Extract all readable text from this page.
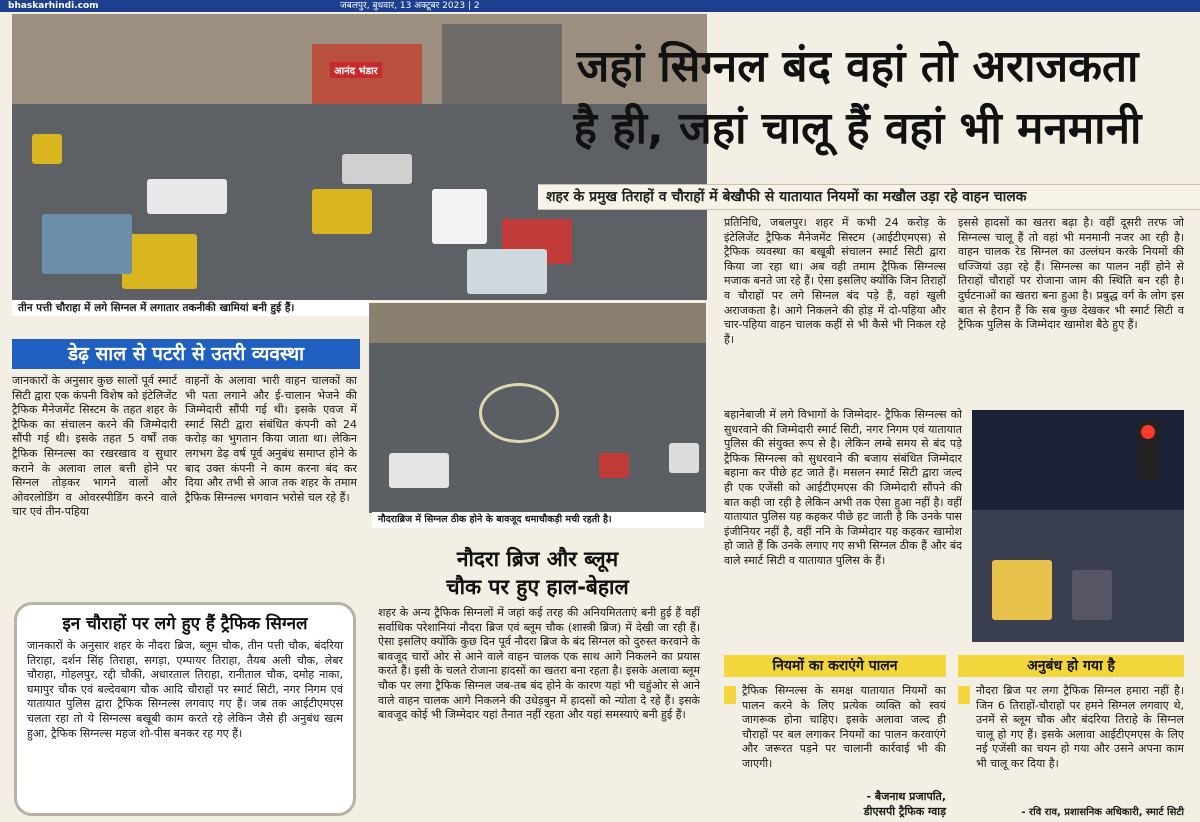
bhaskarhindi.com	जबलपुर, बुधवार, 13 अक्टूबर 2023 | 2
आनंद भंडार
तीन पत्ती चौराहा में लगे सिग्नल में लगातार तकनीकी खामियां बनी हुई हैं।
जहां सिग्नल बंद वहां तो अराजकता
है ही, जहां चालू हैं वहां भी मनमानी
शहर के प्रमुख तिराहों व चौराहों में बेखौफी से यातायात नियमों का मखौल उड़ा रहे वाहन चालक
प्रतिनिधि, जबलपुर। शहर में कभी 24 करोड़ के इंटेलिजेंट ट्रैफिक मैनेजमेंट सिस्टम (आईटीएमएस) से ट्रैफिक व्यवस्था का बखूबी संचालन स्मार्ट सिटी द्वारा किया जा रहा था। अब वही तमाम ट्रैफिक सिग्नल्स मजाक बनते जा रहे हैं। ऐसा इसलिए क्योंकि जिन तिराहों व चौराहों पर लगे सिग्नल बंद पड़े हैं, वहां खुली अराजकता है। आगे निकलने की होड़ में दो-पहिया और चार-पहिया वाहन चालक कहीं से भी कैसे भी निकल रहे हैं।
इससे हादसों का खतरा बढ़ा है। वहीं दूसरी तरफ जो सिग्नल्स चालू हैं तो वहां भी मनमानी नजर आ रही है। वाहन चालक रेड सिग्नल का उल्लंघन करके नियमों की धज्जियां उड़ा रहे हैं। सिग्नल्स का पालन नहीं होने से तिराहों चौराहों पर रोजाना जाम की स्थिति बन रही है। दुर्घटनाओं का खतरा बना हुआ है। प्रबुद्ध वर्ग के लोग इस बात से हैरान हैं कि सब कुछ देखकर भी स्मार्ट सिटी व ट्रैफिक पुलिस के जिम्मेदार खामोश बैठे हुए हैं।
डेढ़ साल से पटरी से उतरी व्यवस्था
जानकारों के अनुसार कुछ सालों पूर्व स्मार्ट सिटी द्वारा एक कंपनी विशेष को इंटेलिजेंट ट्रैफिक मैनेजमेंट सिस्टम के तहत शहर के ट्रैफिक का संचालन करने की जिम्मेदारी सौंपी गई थी। इसके तहत 5 वर्षों तक ट्रैफिक सिग्नल्स का रखरखाव व सुधार कराने के अलावा लाल बत्ती होने पर सिग्नल तोड़कर भागने वालों और ओवरलोडिंग व ओवरस्पीडिंग करने वाले चार एवं तीन-पहिया
वाहनों के अलावा भारी वाहन चालकों का भी पता लगाने और ई-चालान भेजने की जिम्मेदारी सौंपी गई थी। इसके एवज में स्मार्ट सिटी द्वारा संबंधित कंपनी को 24 करोड़ का भुगतान किया जाता था। लेकिन लगभग डेढ़ वर्ष पूर्व अनुबंध समाप्त होने के बाद उक्त कंपनी ने काम करना बंद कर दिया और तभी से आज तक शहर के तमाम ट्रैफिक सिग्नल्स भगवान भरोसे चल रहे हैं।
नौदराब्रिज में सिग्नल ठीक होने के बावजूद धमाचौकड़ी मची रहती है।
नौदरा ब्रिज और ब्लूम
चौक पर हुए हाल-बेहाल
शहर के अन्य ट्रैफिक सिग्नलों में जहां कई तरह की अनियमितताएं बनी हुई हैं वहीं सर्वाधिक परेशानियां नौदरा ब्रिज एवं ब्लूम चौक (शास्त्री ब्रिज) में देखी जा रही हैं। ऐसा इसलिए क्योंकि कुछ दिन पूर्व नौदरा ब्रिज के बंद सिग्नल को दुरुस्त करवाने के बावजूद चारों ओर से आने वाले वाहन चालक एक साथ आगे निकलने का प्रयास करते हैं। इसी के चलते रोजाना हादसों का खतरा बना रहता है। इसके अलावा ब्लूम चौक पर लगा ट्रैफिक सिग्नल जब-तब बंद होने के कारण यहां भी चहुंओर से आने वाले वाहन चालक आगे निकलने की उधेड़बुन में हादसों को न्योता दे रहे हैं। इसके बावजूद कोई भी जिम्मेदार यहां तैनात नहीं रहता और यहां समस्याएं बनी हुई हैं।
इन चौराहों पर लगे हुए हैं ट्रैफिक सिग्नल
जानकारों के अनुसार शहर के नौदरा ब्रिज, ब्लूम चौक, तीन पत्ती चौक, बंदरिया तिराहा, दर्शन सिंह तिराहा, सगड़ा, एम्पायर तिराहा, तैयब अली चौक, लेबर चौराहा, गोहलपुर, रद्दी चौकी, अधारताल तिराहा, रानीताल चौक, दमोह नाका, घमापुर चौक एवं बल्देवबाग चौक आदि चौराहों पर स्मार्ट सिटी, नगर निगम एवं यातायात पुलिस द्वारा ट्रैफिक सिग्नल्स लगवाए गए हैं। जब तक आईटीएमएस चलता रहा तो ये सिग्नल्स बखूबी काम करते रहे लेकिन जैसे ही अनुबंध खत्म हुआ, ट्रैफिक सिग्नल्स महज शो-पीस बनकर रह गए हैं।
बहानेबाजी में लगे विभागों के जिम्मेदार- ट्रैफिक सिग्नल्स को सुधरवाने की जिम्मेदारी स्मार्ट सिटी, नगर निगम एवं यातायात पुलिस की संयुक्त रूप से है। लेकिन लम्बे समय से बंद पड़े ट्रैफिक सिग्नल्स को सुधरवाने की बजाय संबंधित जिम्मेदार बहाना कर पीछे हट जाते हैं। मसलन स्मार्ट सिटी द्वारा जल्द ही एक एजेंसी को आईटीएमएस की जिम्मेदारी सौंपने की बात कही जा रही है लेकिन अभी तक ऐसा हुआ नहीं है। वहीं यातायात पुलिस यह कहकर पीछे हट जाती है कि उनके पास इंजीनियर नहीं है, वहीं ननि के जिम्मेदार यह कहकर खामोश हो जाते हैं कि उनके लगाए गए सभी सिग्नल ठीक हैं और बंद वाले स्मार्ट सिटी व यातायात पुलिस के हैं।
नियमों का कराएंगे पालन
ट्रैफिक सिग्नल्स के समक्ष यातायात नियमों का पालन करने के लिए प्रत्येक व्यक्ति को स्वयं जागरूक होना चाहिए। इसके अलावा जल्द ही चौराहों पर बल लगाकर नियमों का पालन करवाएंगे और जरूरत पड़ने पर चालानी कार्रवाई भी की जाएगी।
- बैजनाथ प्रजापति,
डीएसपी ट्रैफिक ग्वाड़
अनुबंध हो गया है
नौदरा ब्रिज पर लगा ट्रैफिक सिग्नल हमारा नहीं है। जिन 6 तिराहों-चौराहों पर हमने सिग्नल लगवाए थे, उनमें से ब्लूम चौक और बंदरिया तिराहे के सिग्नल चालू हो गए हैं। इसके अलावा आईटीएमएस के लिए नई एजेंसी का चयन हो गया और उसने अपना काम भी चालू कर दिया है।
- रवि राव, प्रशासनिक अधिकारी, स्मार्ट सिटी
